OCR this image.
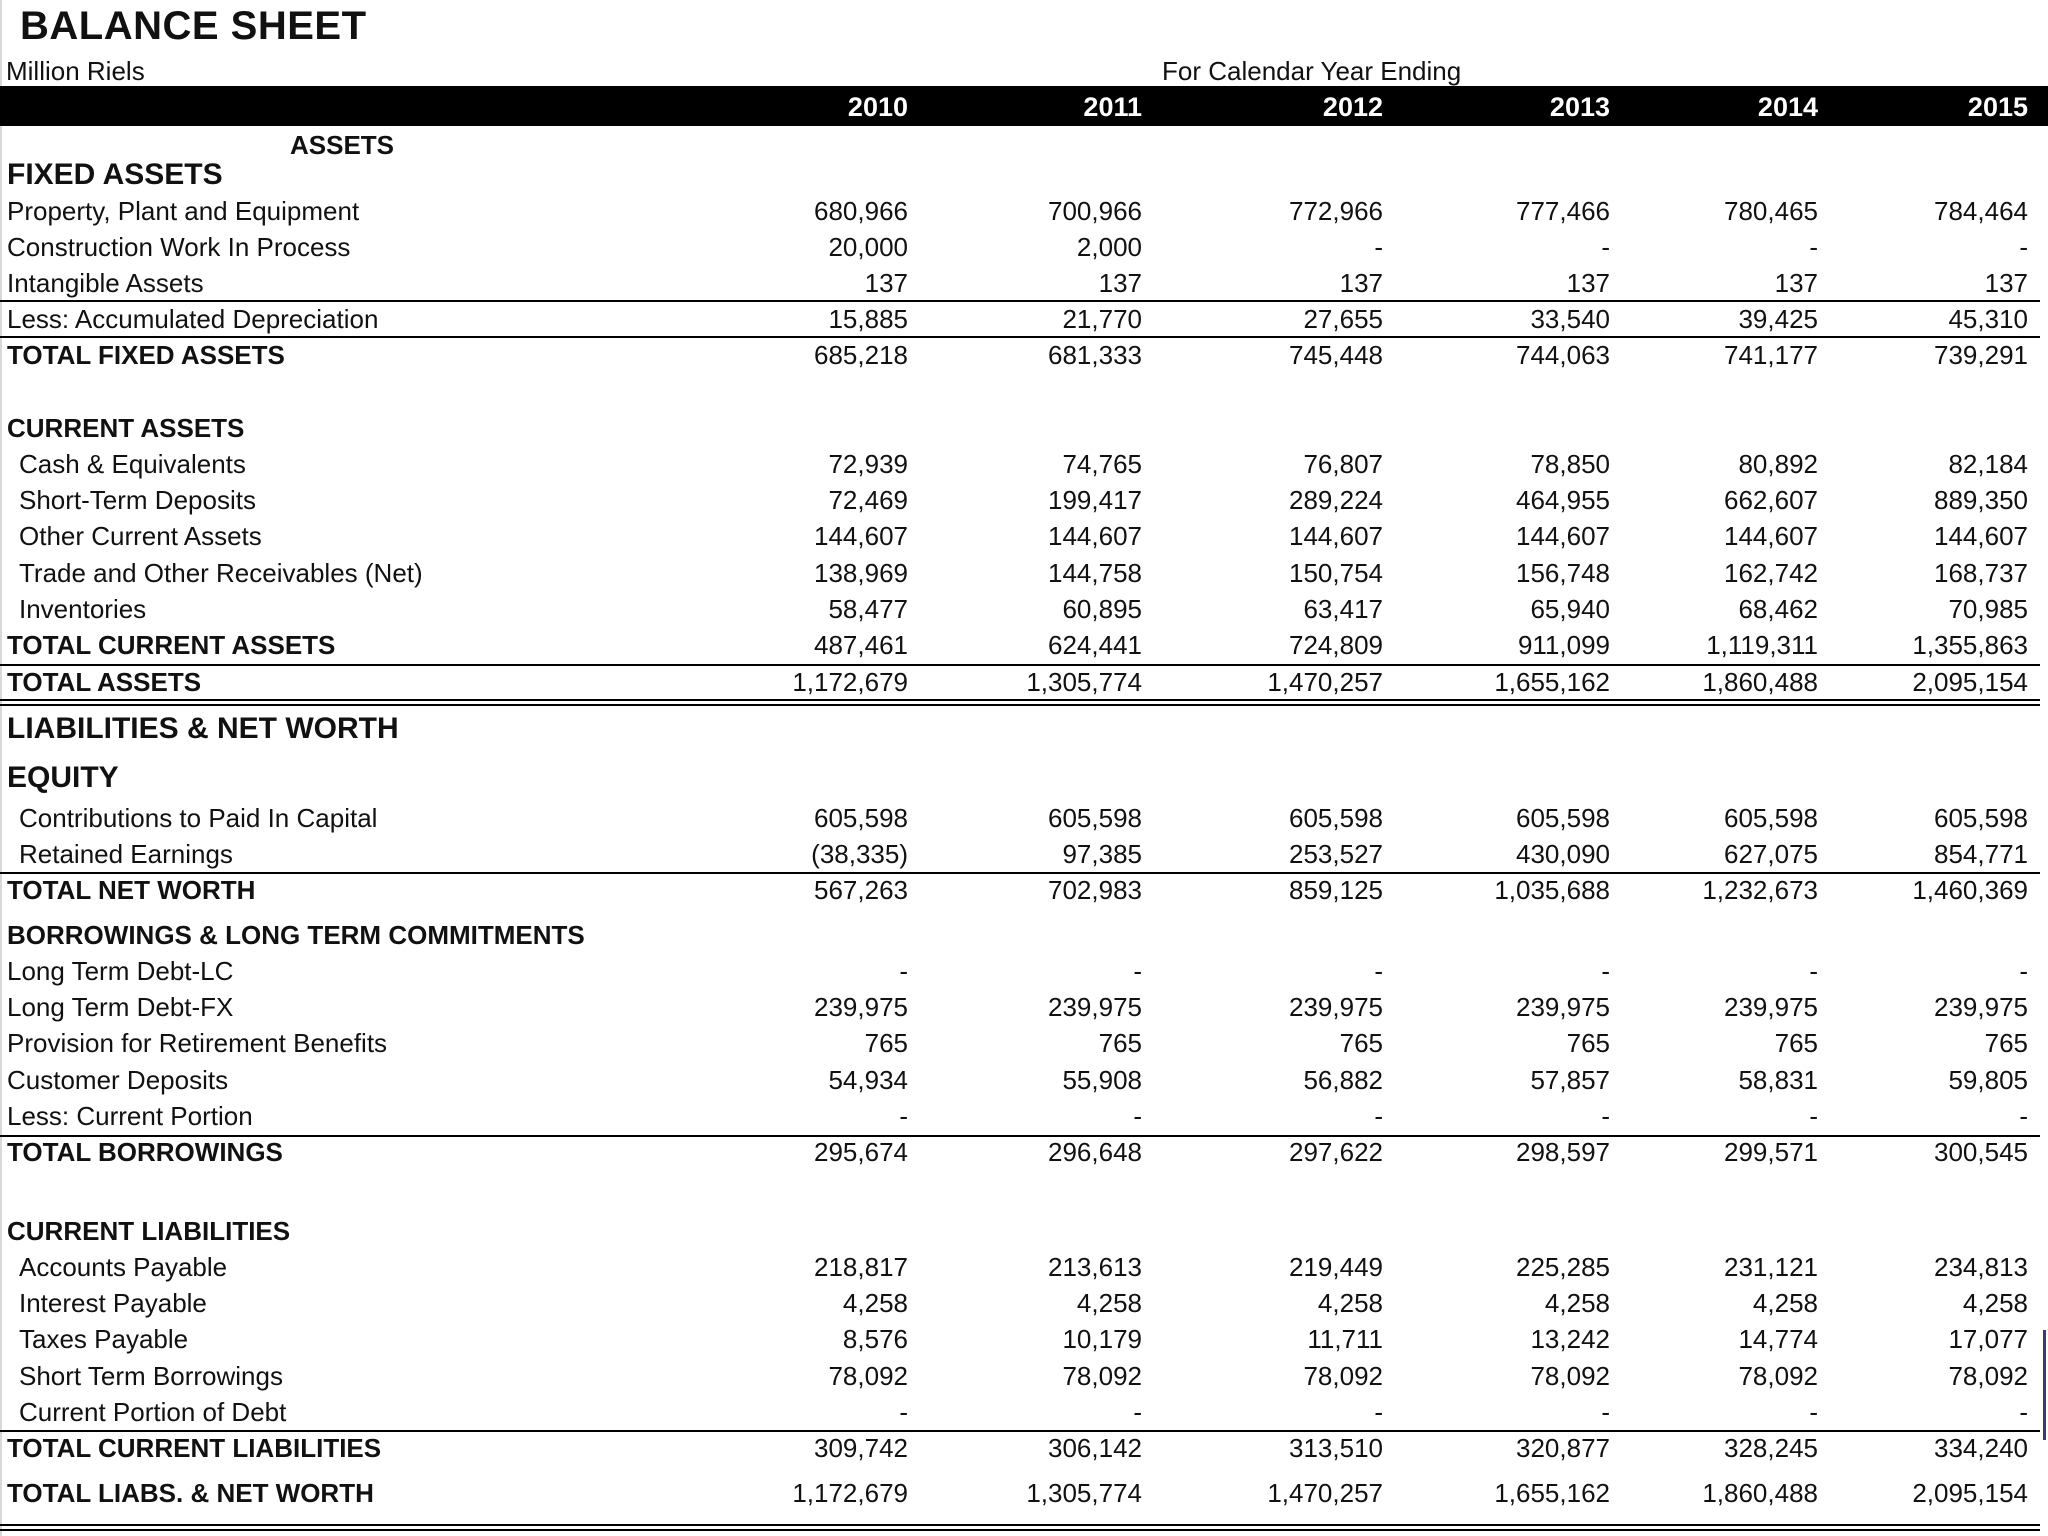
BALANCE SHEET
Million Riels	For Calendar Year Ending
2010	2011	2012	2013	2014	2015
ASSETS
FIXED ASSETS
Property, Plant and Equipment	680,966	700,966	772,966	777,466	780,465	784,464
Construction Work In Process	20,000	2,000	-	-	-	-
Intangible Assets	137	137	137	137	137	137
Less: Accumulated Depreciation	15,885	21,770	27,655	33,540	39,425	45,310
TOTAL FIXED ASSETS	685,218	681,333	745,448	744,063	741,177	739,291
CURRENT ASSETS
Cash & Equivalents	72,939	74,765	76,807	78,850	80,892	82,184
Short-Term Deposits	72,469	199,417	289,224	464,955	662,607	889,350
Other Current Assets	144,607	144,607	144,607	144,607	144,607	144,607
Trade and Other Receivables (Net)	138,969	144,758	150,754	156,748	162,742	168,737
Inventories	58,477	60,895	63,417	65,940	68,462	70,985
TOTAL CURRENT ASSETS	487,461	624,441	724,809	911,099	1,119,311	1,355,863
TOTAL ASSETS	1,172,679	1,305,774	1,470,257	1,655,162	1,860,488	2,095,154
LIABILITIES & NET WORTH
EQUITY
Contributions to Paid In Capital	605,598	605,598	605,598	605,598	605,598	605,598
Retained Earnings	(38,335)	97,385	253,527	430,090	627,075	854,771
TOTAL NET WORTH	567,263	702,983	859,125	1,035,688	1,232,673	1,460,369
BORROWINGS & LONG TERM COMMITMENTS
Long Term Debt-LC	-	-	-	-	-	-
Long Term Debt-FX	239,975	239,975	239,975	239,975	239,975	239,975
Provision for Retirement Benefits	765	765	765	765	765	765
Customer Deposits	54,934	55,908	56,882	57,857	58,831	59,805
Less: Current Portion	-	-	-	-	-	-
TOTAL BORROWINGS	295,674	296,648	297,622	298,597	299,571	300,545
CURRENT LIABILITIES
Accounts Payable	218,817	213,613	219,449	225,285	231,121	234,813
Interest Payable	4,258	4,258	4,258	4,258	4,258	4,258
Taxes Payable	8,576	10,179	11,711	13,242	14,774	17,077
Short Term Borrowings	78,092	78,092	78,092	78,092	78,092	78,092
Current Portion of Debt	-	-	-	-	-	-
TOTAL CURRENT LIABILITIES	309,742	306,142	313,510	320,877	328,245	334,240
TOTAL LIABS. & NET WORTH	1,172,679	1,305,774	1,470,257	1,655,162	1,860,488	2,095,154
